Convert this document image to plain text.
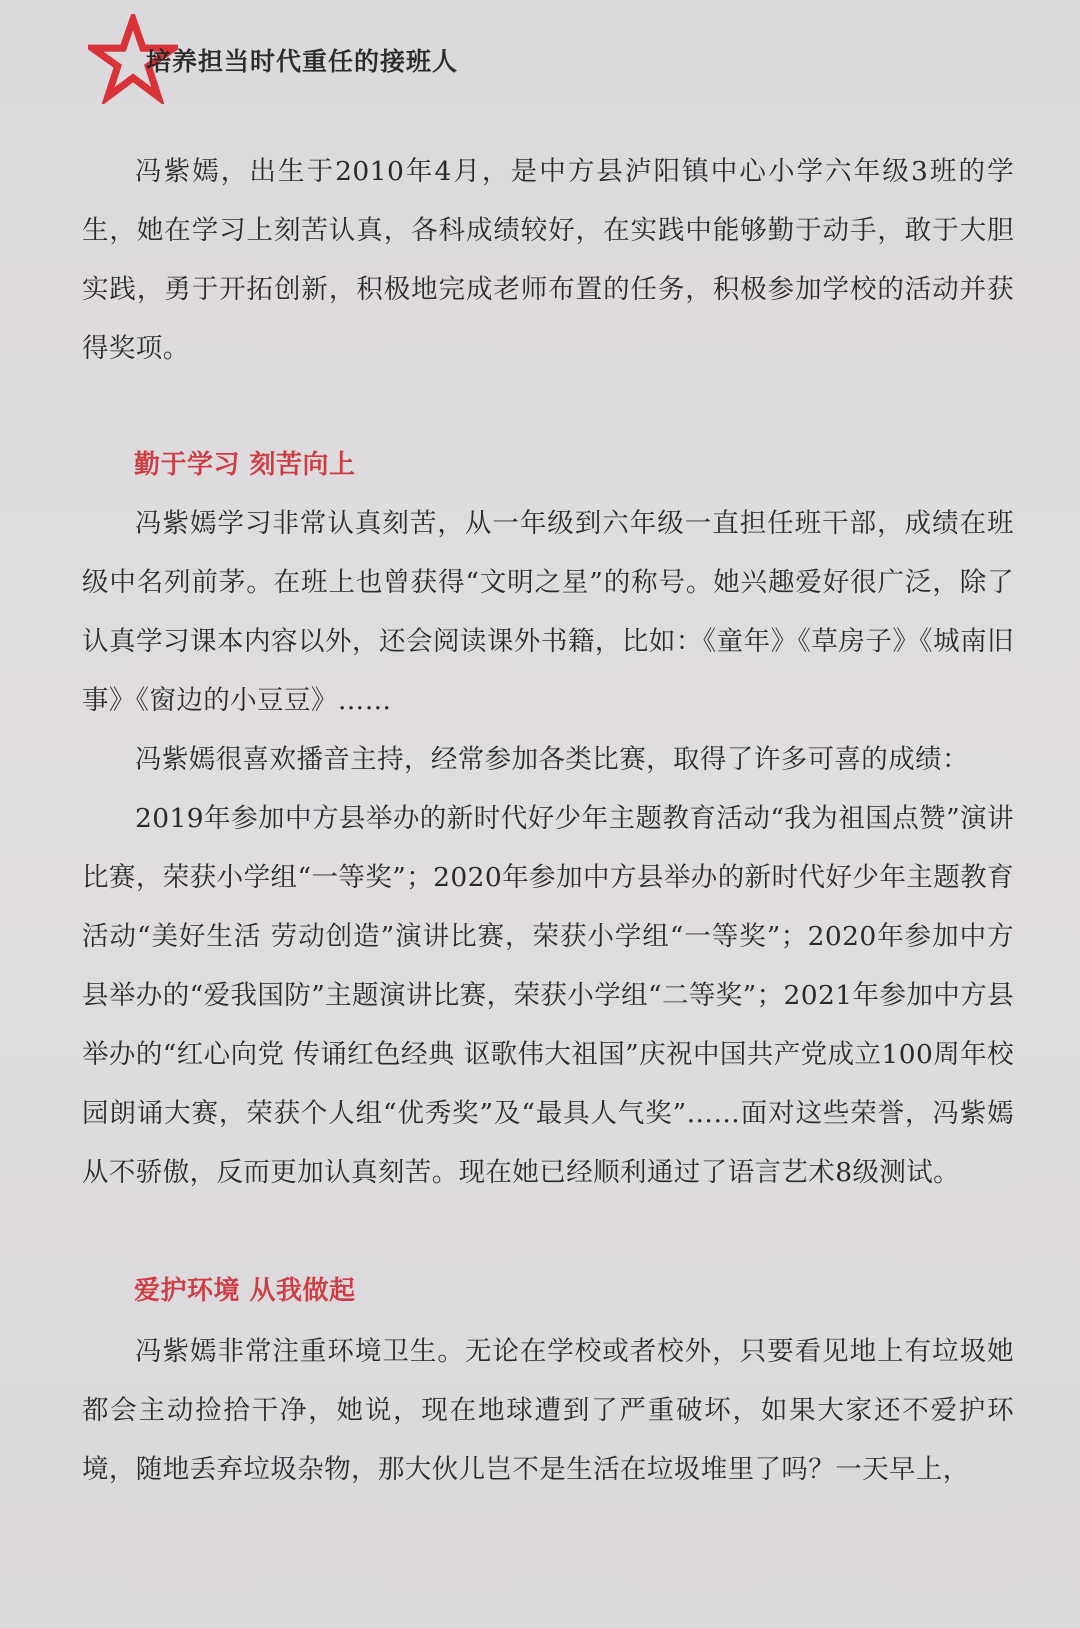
培养担当时代重任的接班人

冯紫嫣，出生于2010年4月，是中方县泸阳镇中心小学六年级3班的学生，她在学习上刻苦认真，各科成绩较好，在实践中能够勤于动手，敢于大胆实践，勇于开拓创新，积极地完成老师布置的任务，积极参加学校的活动并获得奖项。

勤于学习 刻苦向上

冯紫嫣学习非常认真刻苦，从一年级到六年级一直担任班干部，成绩在班级中名列前茅。在班上也曾获得“文明之星”的称号。她兴趣爱好很广泛，除了认真学习课本内容以外，还会阅读课外书籍，比如：《童年》《草房子》《城南旧事》《窗边的小豆豆》……

冯紫嫣很喜欢播音主持，经常参加各类比赛，取得了许多可喜的成绩：

2019年参加中方县举办的新时代好少年主题教育活动“我为祖国点赞”演讲比赛，荣获小学组“一等奖”；2020年参加中方县举办的新时代好少年主题教育活动“美好生活 劳动创造”演讲比赛，荣获小学组“一等奖”；2020年参加中方县举办的“爱我国防”主题演讲比赛，荣获小学组“二等奖”；2021年参加中方县举办的“红心向党 传诵红色经典 讴歌伟大祖国”庆祝中国共产党成立100周年校园朗诵大赛，荣获个人组“优秀奖”及“最具人气奖”……面对这些荣誉，冯紫嫣从不骄傲，反而更加认真刻苦。现在她已经顺利通过了语言艺术8级测试。

爱护环境 从我做起

冯紫嫣非常注重环境卫生。无论在学校或者校外，只要看见地上有垃圾她都会主动捡拾干净，她说，现在地球遭到了严重破坏，如果大家还不爱护环境，随地丢弃垃圾杂物，那大伙儿岂不是生活在垃圾堆里了吗？一天早上，
